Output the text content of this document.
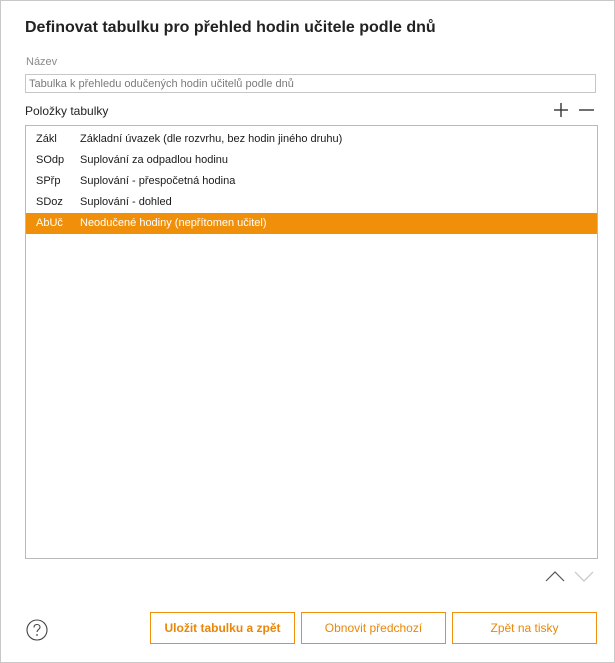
Definovat tabulku pro přehled hodin učitele podle dnů
Název
Tabulka k přehledu odučených hodin učitelů podle dnů
Položky tabulky
Zákl	Základní úvazek (dle rozvrhu, bez hodin jiného druhu)
SOdp	Suplování za odpadlou hodinu
SPřp	Suplování - přespočetná hodina
SDoz	Suplování - dohled
AbUč	Neodučené hodiny (nepřítomen učitel)
Uložit tabulku a zpět	Obnovit předchozí	Zpět na tisky
